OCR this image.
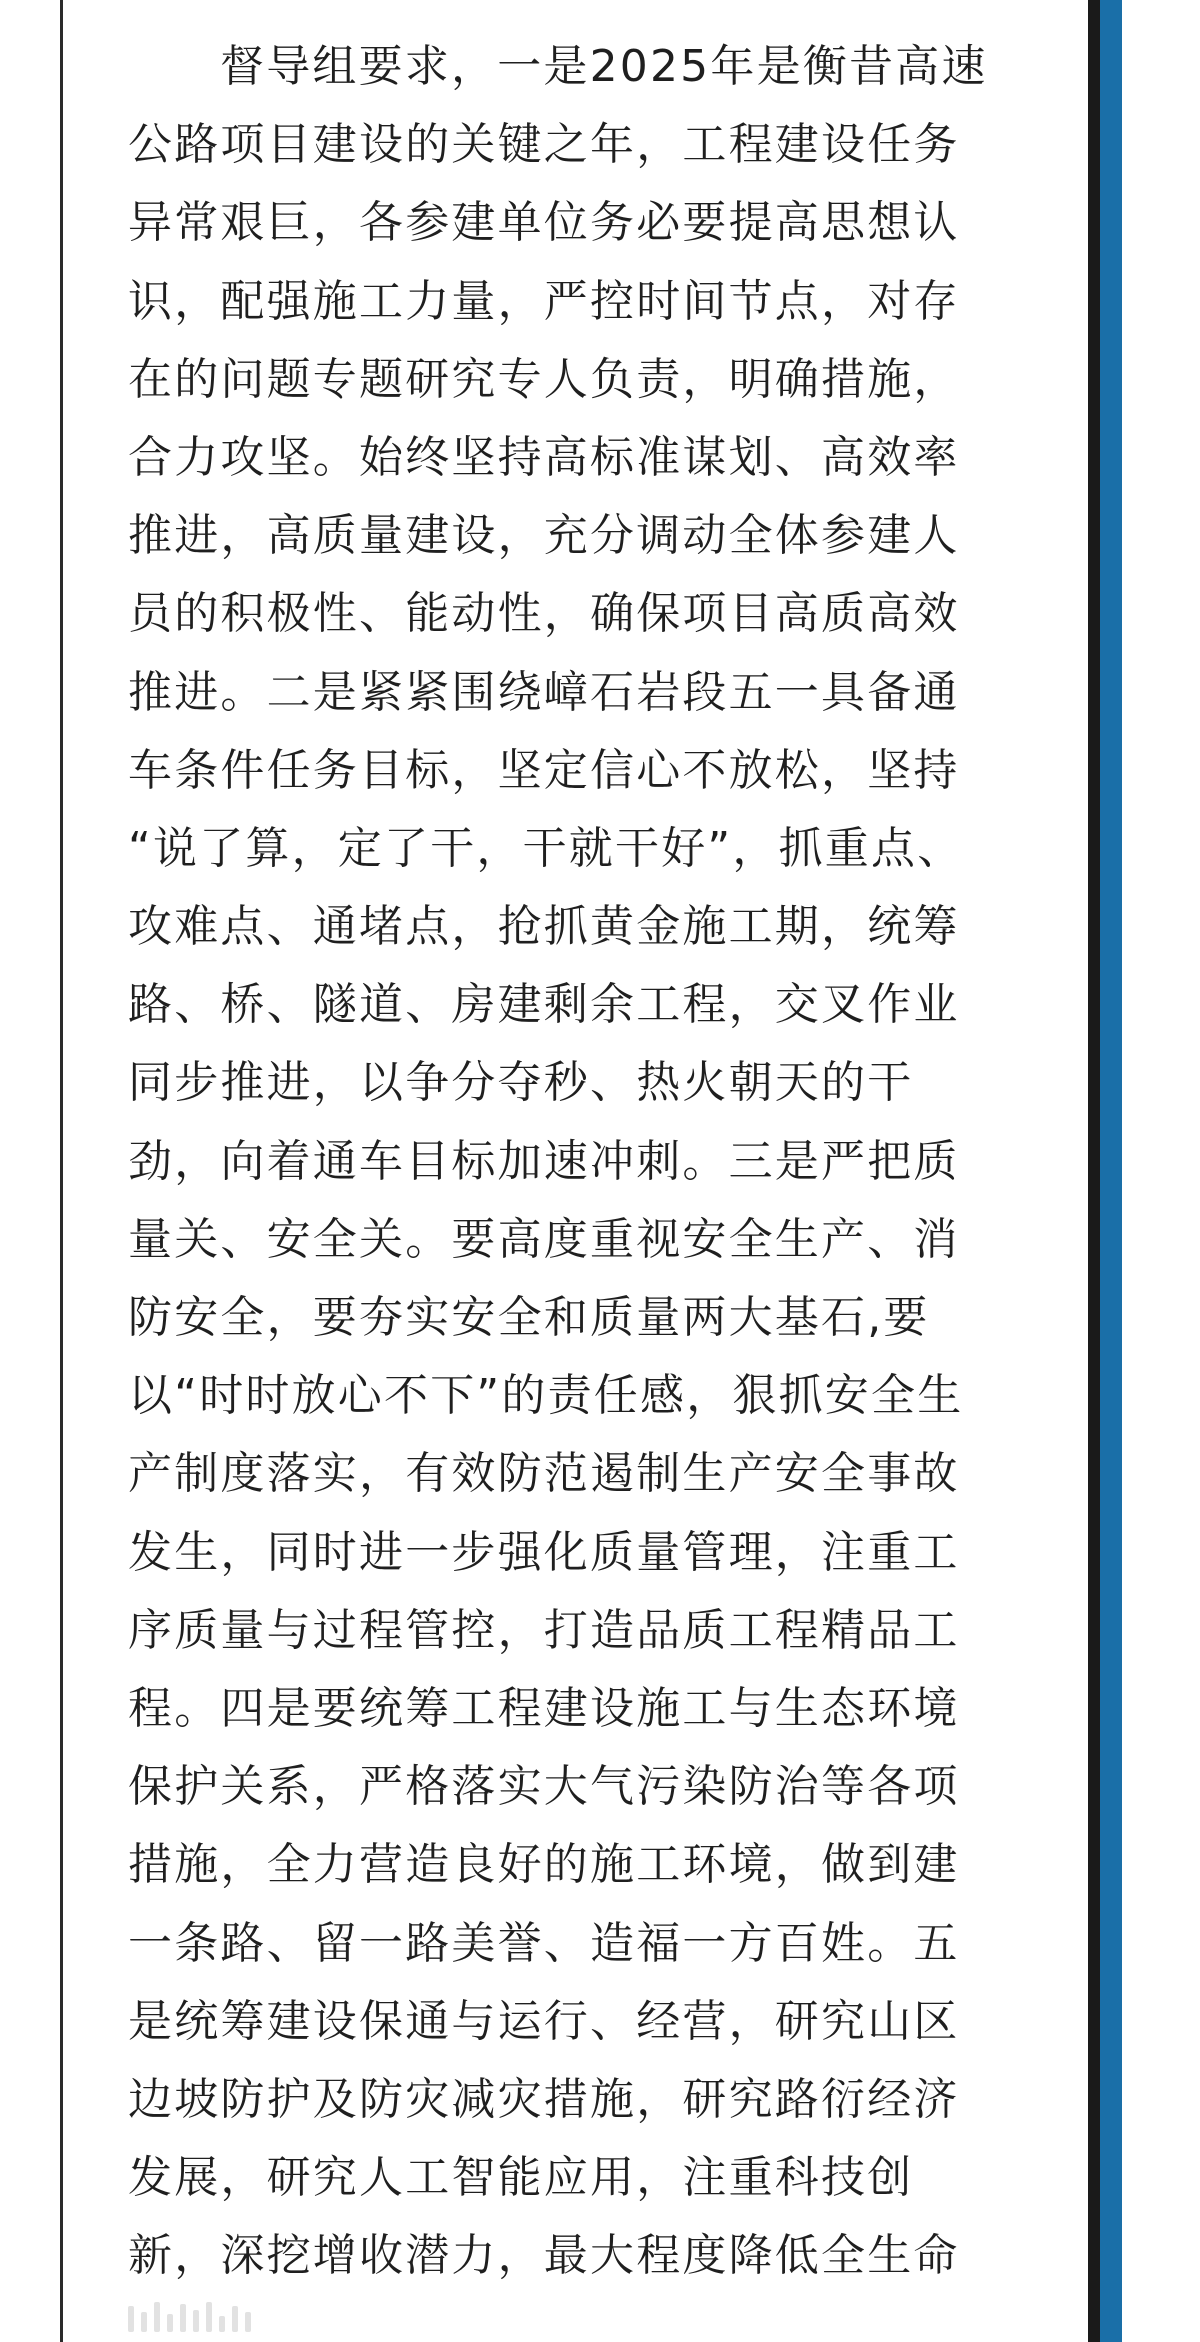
督导组要求，一是2025年是衡昔高速
公路项目建设的关键之年，工程建设任务
异常艰巨，各参建单位务必要提高思想认
识，配强施工力量，严控时间节点，对存
在的问题专题研究专人负责，明确措施，
合力攻坚。始终坚持高标准谋划、高效率
推进，高质量建设，充分调动全体参建人
员的积极性、能动性，确保项目高质高效
推进。二是紧紧围绕嶂石岩段五一具备通
车条件任务目标，坚定信心不放松，坚持
“说了算，定了干，干就干好”，抓重点、
攻难点、通堵点，抢抓黄金施工期，统筹
路、桥、隧道、房建剩余工程，交叉作业
同步推进，以争分夺秒、热火朝天的干
劲，向着通车目标加速冲刺。三是严把质
量关、安全关。要高度重视安全生产、消
防安全，要夯实安全和质量两大基石,要
以“时时放心不下”的责任感，狠抓安全生
产制度落实，有效防范遏制生产安全事故
发生，同时进一步强化质量管理，注重工
序质量与过程管控，打造品质工程精品工
程。四是要统筹工程建设施工与生态环境
保护关系，严格落实大气污染防治等各项
措施，全力营造良好的施工环境，做到建
一条路、留一路美誉、造福一方百姓。五
是统筹建设保通与运行、经营，研究山区
边坡防护及防灾减灾措施，研究路衍经济
发展，研究人工智能应用，注重科技创
新，深挖增收潜力，最大程度降低全生命
